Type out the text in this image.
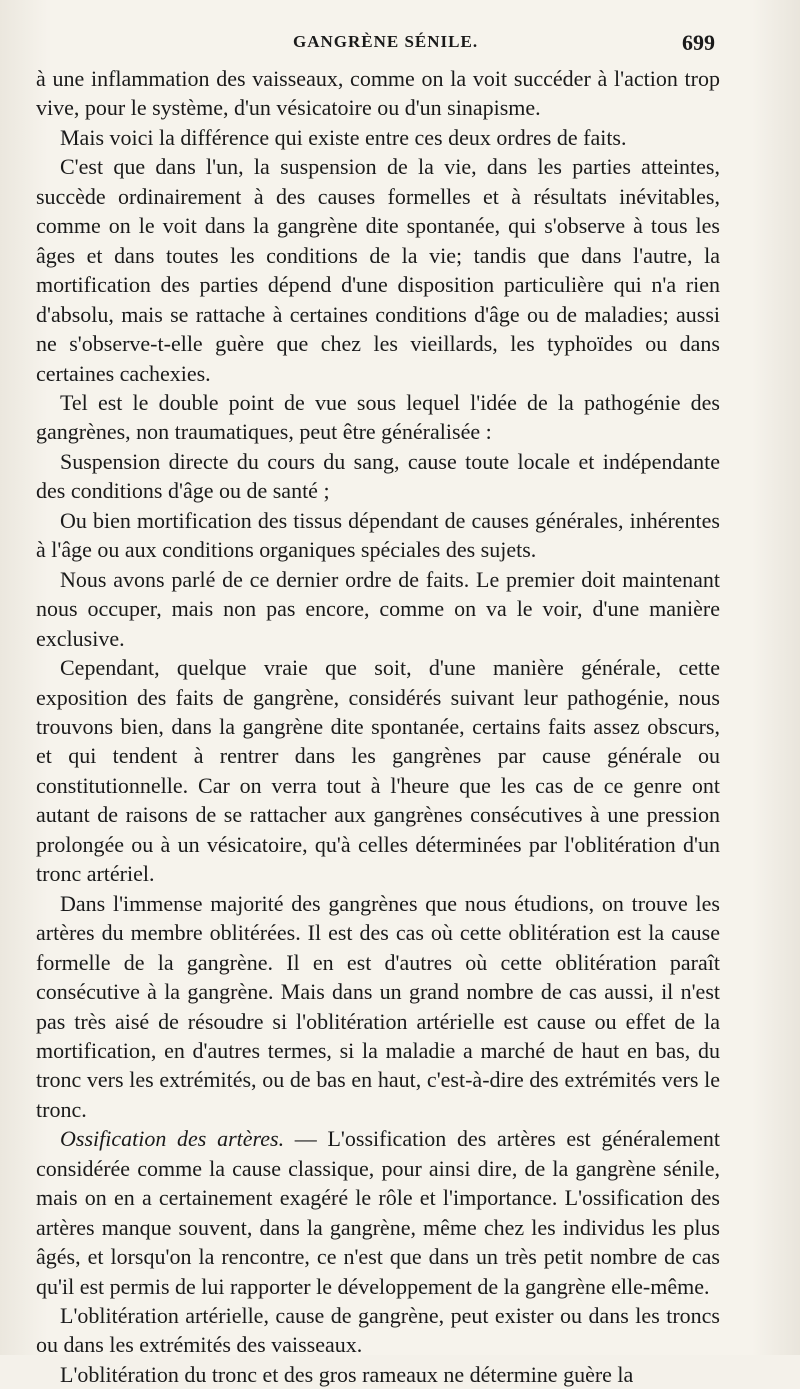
GANGRÈNE SÉNILE.	699

à une inflammation des vaisseaux, comme on la voit succéder à l'action trop vive, pour le système, d'un vésicatoire ou d'un sinapisme.

Mais voici la différence qui existe entre ces deux ordres de faits.

C'est que dans l'un, la suspension de la vie, dans les parties atteintes, succède ordinairement à des causes formelles et à résultats inévitables, comme on le voit dans la gangrène dite spontanée, qui s'observe à tous les âges et dans toutes les conditions de la vie; tandis que dans l'autre, la mortification des parties dépend d'une disposition particulière qui n'a rien d'absolu, mais se rattache à certaines conditions d'âge ou de maladies; aussi ne s'observe-t-elle guère que chez les vieillards, les typhoïdes ou dans certaines cachexies.

Tel est le double point de vue sous lequel l'idée de la pathogénie des gangrènes, non traumatiques, peut être généralisée :

Suspension directe du cours du sang, cause toute locale et indépendante des conditions d'âge ou de santé ;

Ou bien mortification des tissus dépendant de causes générales, inhérentes à l'âge ou aux conditions organiques spéciales des sujets.

Nous avons parlé de ce dernier ordre de faits. Le premier doit maintenant nous occuper, mais non pas encore, comme on va le voir, d'une manière exclusive.

Cependant, quelque vraie que soit, d'une manière générale, cette exposition des faits de gangrène, considérés suivant leur pathogénie, nous trouvons bien, dans la gangrène dite spontanée, certains faits assez obscurs, et qui tendent à rentrer dans les gangrènes par cause générale ou constitutionnelle. Car on verra tout à l'heure que les cas de ce genre ont autant de raisons de se rattacher aux gangrènes consécutives à une pression prolongée ou à un vésicatoire, qu'à celles déterminées par l'oblitération d'un tronc artériel.

Dans l'immense majorité des gangrènes que nous étudions, on trouve les artères du membre oblitérées. Il est des cas où cette oblitération est la cause formelle de la gangrène. Il en est d'autres où cette oblitération paraît consécutive à la gangrène. Mais dans un grand nombre de cas aussi, il n'est pas très aisé de résoudre si l'oblitération artérielle est cause ou effet de la mortification, en d'autres termes, si la maladie a marché de haut en bas, du tronc vers les extrémités, ou de bas en haut, c'est-à-dire des extrémités vers le tronc.

Ossification des artères. — L'ossification des artères est généralement considérée comme la cause classique, pour ainsi dire, de la gangrène sénile, mais on en a certainement exagéré le rôle et l'importance. L'ossification des artères manque souvent, dans la gangrène, même chez les individus les plus âgés, et lorsqu'on la rencontre, ce n'est que dans un très petit nombre de cas qu'il est permis de lui rapporter le développement de la gangrène elle-même.

L'oblitération artérielle, cause de gangrène, peut exister ou dans les troncs ou dans les extrémités des vaisseaux.

L'oblitération du tronc et des gros rameaux ne détermine guère la
